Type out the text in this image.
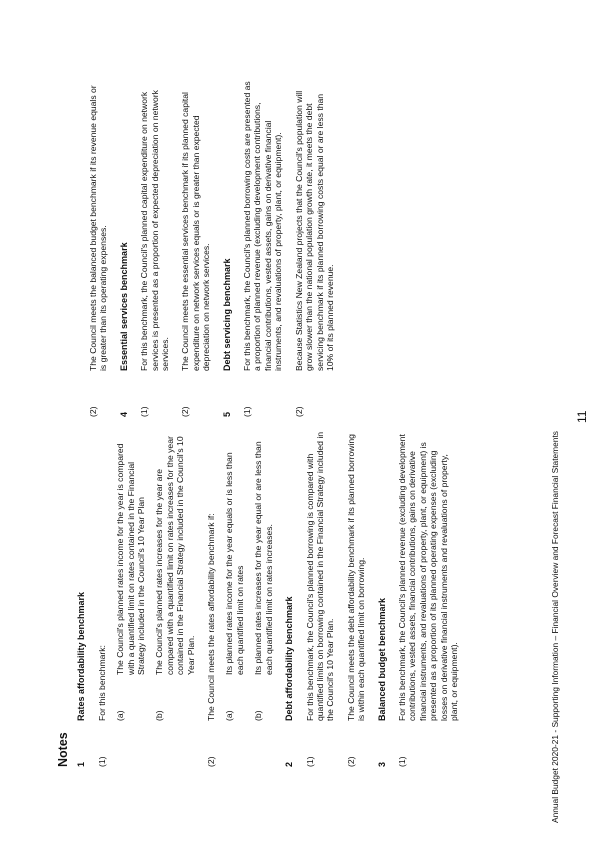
Notes 1
Rates affordability benchmark
(1)
For this benchmark: (a)
The Council's planned rates income for the year is compared with a quantified limit on rates contained in the Financial Strategy included in the Council's 10 Year Plan
(b)
The Council's planned rates increases for the year are compared with a quantified limit on rates increases for the year contained in the Financial Strategy included in the Council's 10 Year Plan.
(2)
The Council meets the rates affordability benchmark if: (a)
Its planned rates income for the year equals or is less than each quantified limit on rates
(b)
Its planned rates increases for the year equal or are less than each quantified limit on rates increases.
2
Debt affordability benchmark
(1)
For this benchmark, the Council's planned borrowing is compared with quantified limits on borrowing contained in the Financial Strategy included in the Council's 10 Year Plan.
(2)
The Council meets the debt affordability benchmark if its planned borrowing is within each quantified limit on borrowing.
3
Balanced budget benchmark
(1)
For this benchmark, the Council's planned revenue (excluding development contributions, vested assets, financial contributions, gains on derivative financial instruments, and revaluations of property, plant, or equipment) is presented as a proportion of its planned operating expenses (excluding losses on derivative financial instruments and revaluations of property, plant, or equipment).
(2)
The Council meets the balanced budget benchmark if its revenue equals or is greater than its operating expenses.
4
Essential services benchmark
(1)
For this benchmark, the Council's planned capital expenditure on network services is presented as a proportion of expected depreciation on network services.
(2)
The Council meets the essential services benchmark if its planned capital expenditure on network services equals or is greater than expected depreciation on network services.
5
Debt servicing benchmark
(1)
For this benchmark, the Council's planned borrowing costs are presented as a proportion of planned revenue (excluding development contributions, financial contributions, vested assets, gains on derivative financial instruments, and revaluations of property, plant, or equipment).
(2)
Because Statistics New Zealand projects that the Council's population will grow slower than the national population growth rate, it meets the debt servicing benchmark if its planned borrowing costs equal or are less than 10% of its planned revenue.
Annual Budget 2020-21 - Supporting Information – Financial Overview and Forecast Financial Statements
11
